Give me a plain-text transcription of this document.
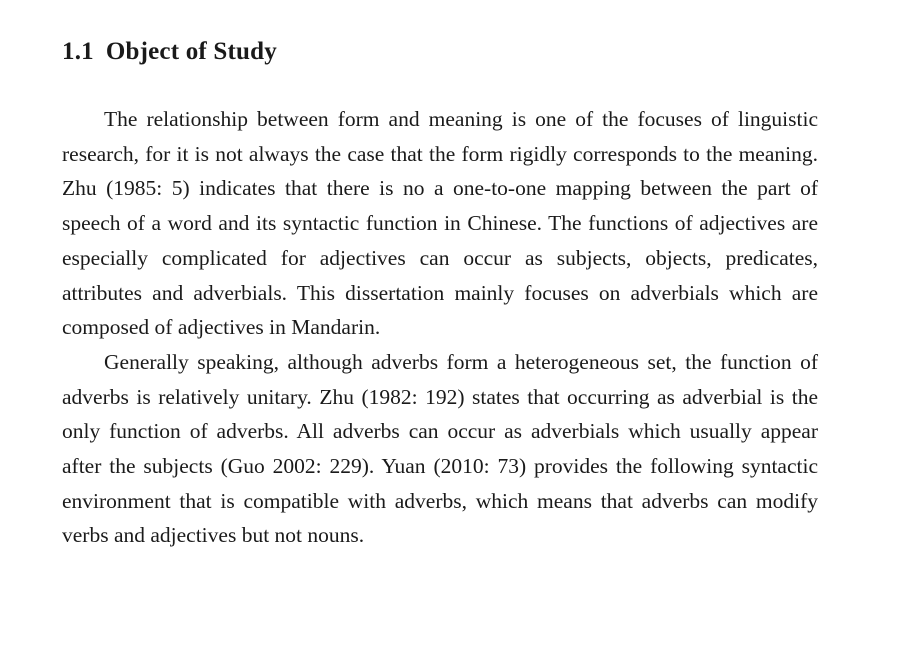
1.1 Object of Study

The relationship between form and meaning is one of the focuses of linguistic research, for it is not always the case that the form rigidly corresponds to the meaning. Zhu (1985: 5) indicates that there is no a one-to-one mapping between the part of speech of a word and its syntactic function in Chinese. The functions of adjectives are especially complicated for adjectives can occur as subjects, objects, predicates, attributes and adverbials. This dissertation mainly focuses on adverbials which are composed of adjectives in Mandarin.

Generally speaking, although adverbs form a heterogeneous set, the function of adverbs is relatively unitary. Zhu (1982: 192) states that occurring as adverbial is the only function of adverbs. All adverbs can occur as adverbials which usually appear after the subjects (Guo 2002: 229). Yuan (2010: 73) provides the following syntactic environment that is compatible with adverbs, which means that adverbs can modify verbs and adjectives but not nouns.
